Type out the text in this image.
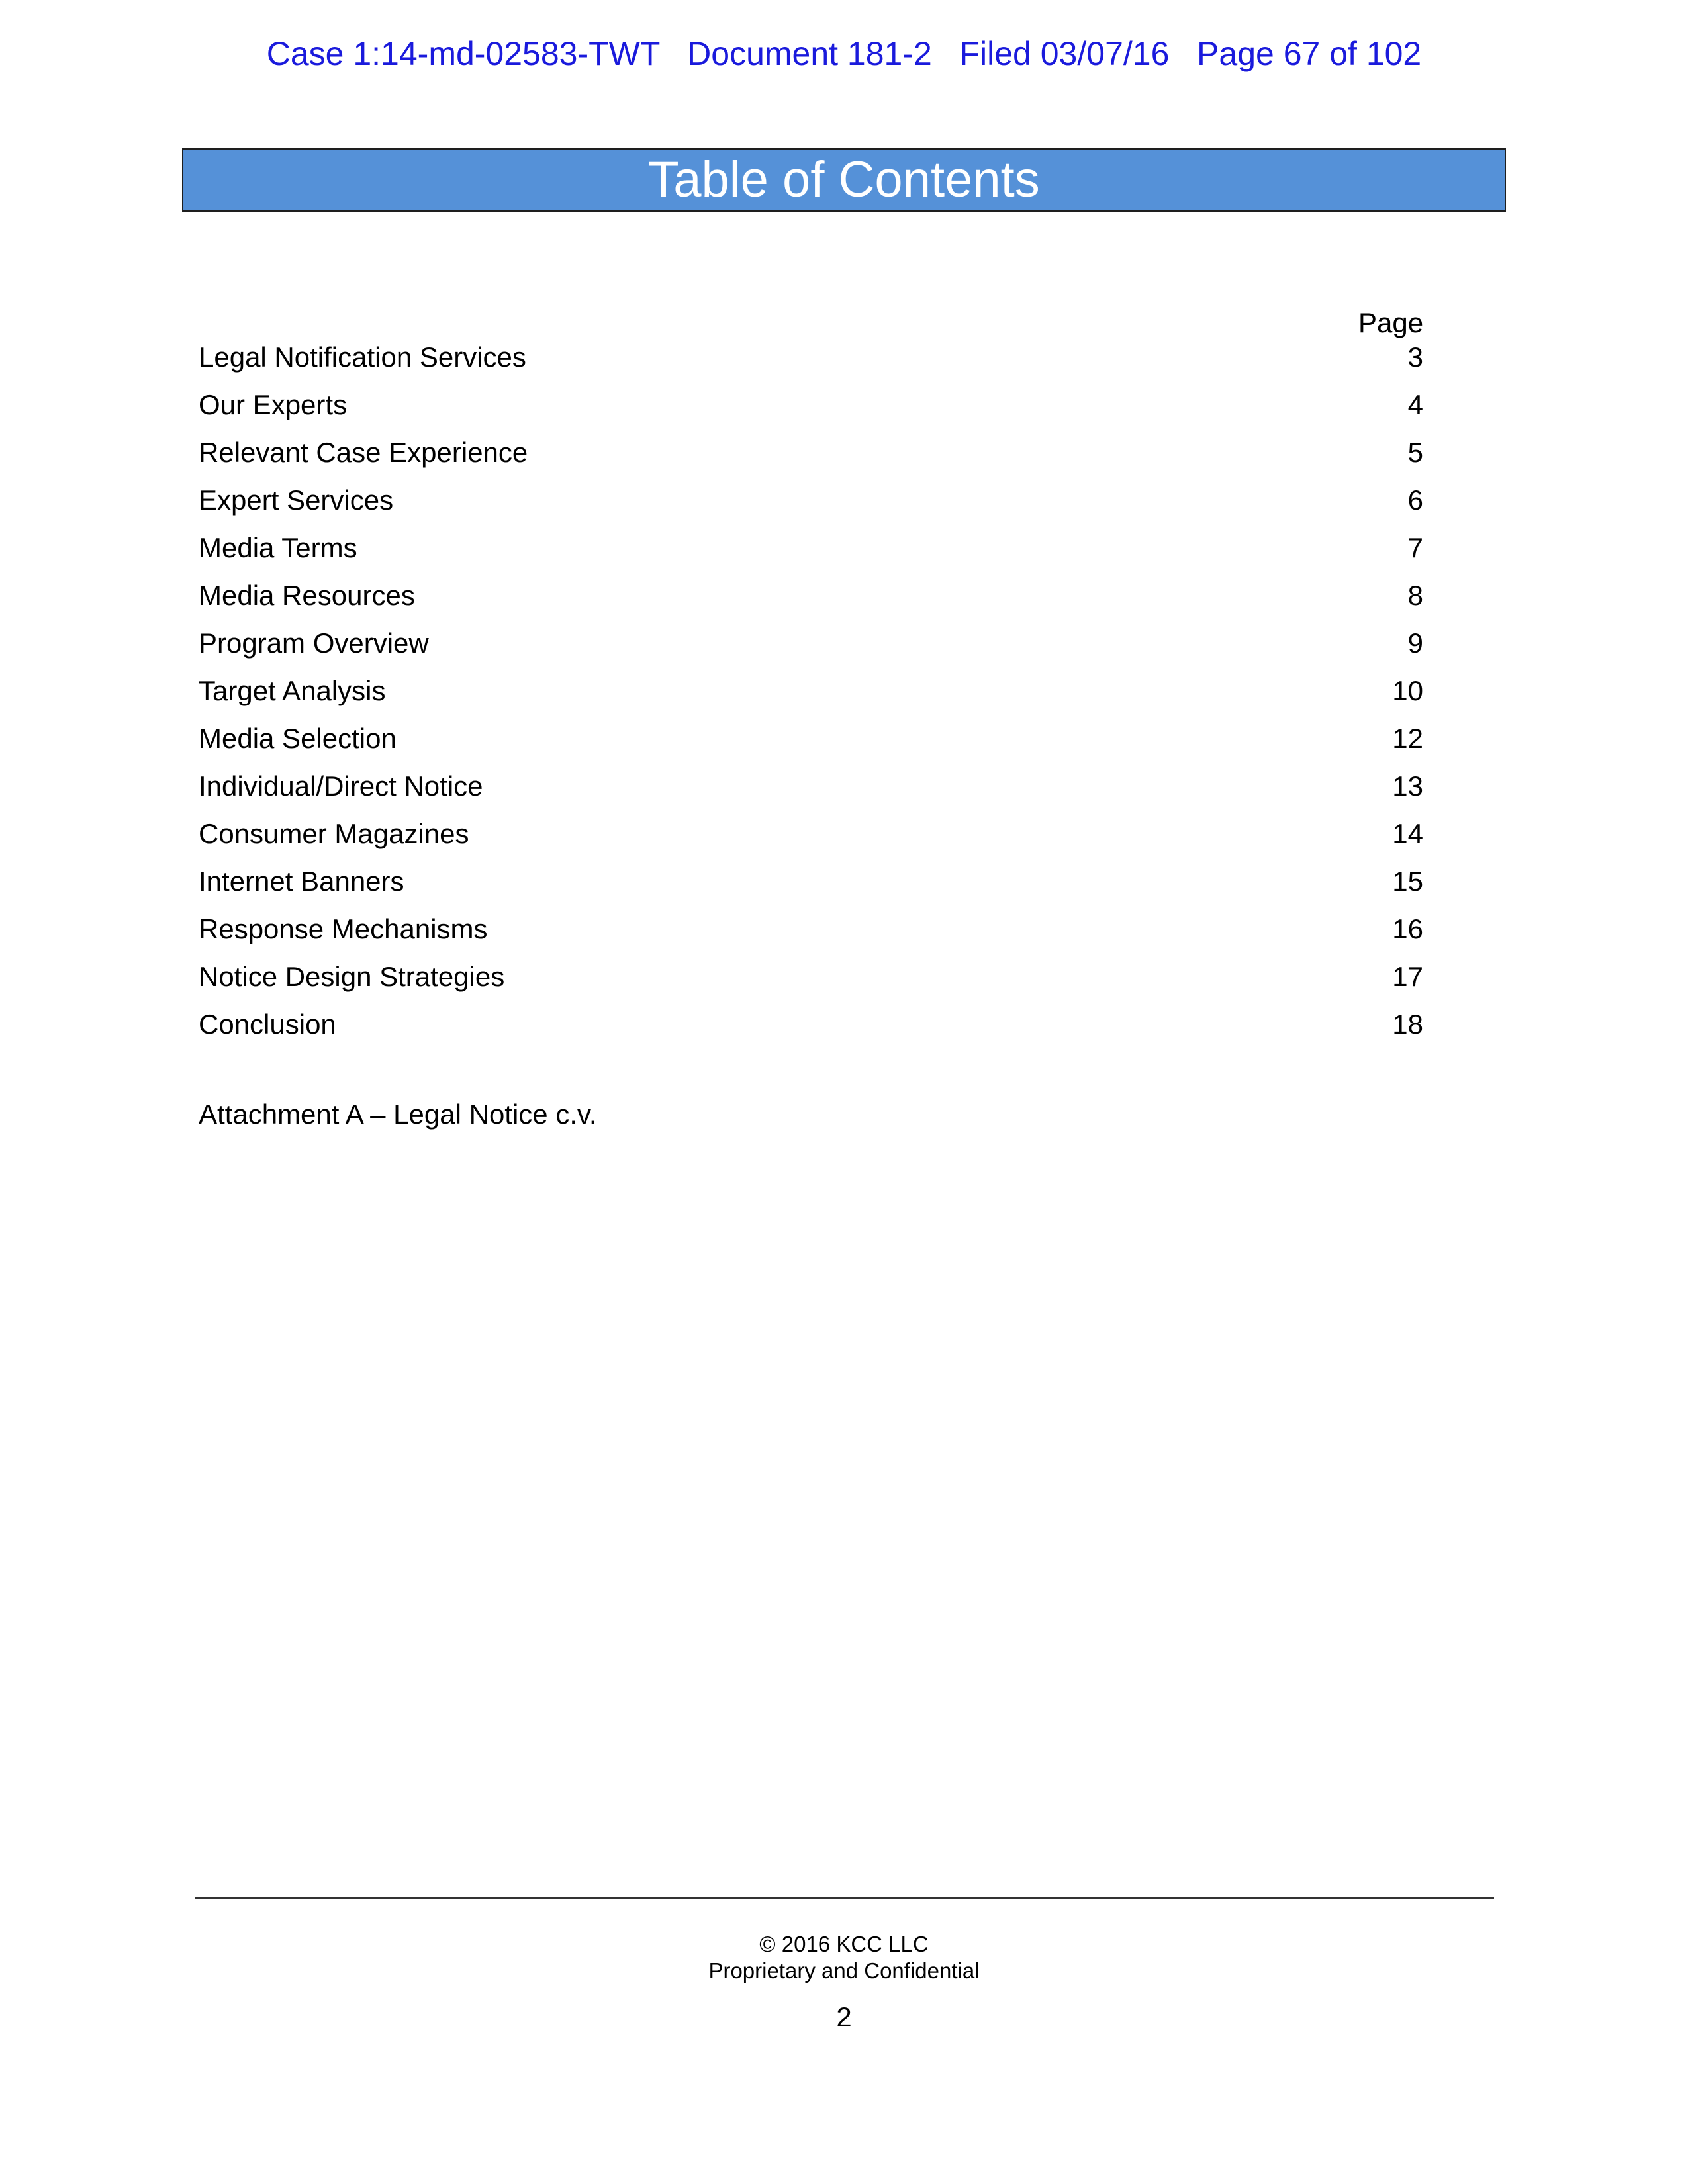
Case 1:14-md-02583-TWT   Document 181-2   Filed 03/07/16   Page 67 of 102
Table of Contents
Page
Legal Notification Services	3
Our Experts	4
Relevant Case Experience	5
Expert Services	6
Media Terms	7
Media Resources	8
Program Overview	9
Target Analysis	10
Media Selection	12
Individual/Direct Notice	13
Consumer Magazines	14
Internet Banners	15
Response Mechanisms	16
Notice Design Strategies	17
Conclusion	18
Attachment A – Legal Notice c.v.
© 2016 KCC LLC
Proprietary and Confidential
2
